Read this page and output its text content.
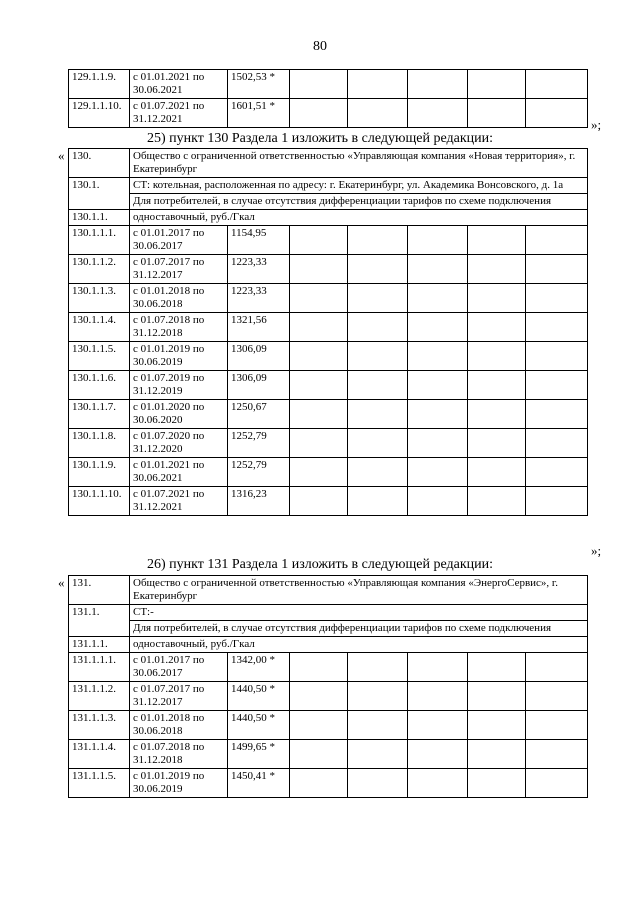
80
129.1.1.9.	с 01.01.2021 по 30.06.2021	1502,53 *					
129.1.1.10.	с 01.07.2021 по 31.12.2021	1601,51 *					
»;
25) пункт 130 Раздела 1 изложить в следующей редакции:
« 130.	Общество с ограниченной ответственностью «Управляющая компания «Новая территория», г. Екатеринбург						
130.1.	СТ: котельная, расположенная по адресу: г. Екатеринбург, ул. Академика Вонсовского, д. 1а						
	Для потребителей, в случае отсутствия дифференциации тарифов по схеме подключения						
130.1.1.	одноставочный, руб./Гкал						
130.1.1.1.	с 01.01.2017 по 30.06.2017	1154,95					
130.1.1.2.	с 01.07.2017 по 31.12.2017	1223,33					
130.1.1.3.	с 01.01.2018 по 30.06.2018	1223,33					
130.1.1.4.	с 01.07.2018 по 31.12.2018	1321,56					
130.1.1.5.	с 01.01.2019 по 30.06.2019	1306,09					
130.1.1.6.	с 01.07.2019 по 31.12.2019	1306,09					
130.1.1.7.	с 01.01.2020 по 30.06.2020	1250,67					
130.1.1.8.	с 01.07.2020 по 31.12.2020	1252,79					
130.1.1.9.	с 01.01.2021 по 30.06.2021	1252,79					
130.1.1.10.	с 01.07.2021 по 31.12.2021	1316,23					
»;
26) пункт 131 Раздела 1 изложить в следующей редакции:
« 131.	Общество с ограниченной ответственностью «Управляющая компания «ЭнергоСервис», г. Екатеринбург						
131.1.	СТ:-						
	Для потребителей, в случае отсутствия дифференциации тарифов по схеме подключения						
131.1.1.	одноставочный, руб./Гкал						
131.1.1.1.	с 01.01.2017 по 30.06.2017	1342,00 *					
131.1.1.2.	с 01.07.2017 по 31.12.2017	1440,50 *					
131.1.1.3.	с 01.01.2018 по 30.06.2018	1440,50 *					
131.1.1.4.	с 01.07.2018 по 31.12.2018	1499,65 *					
131.1.1.5.	с 01.01.2019 по 30.06.2019	1450,41 *					
